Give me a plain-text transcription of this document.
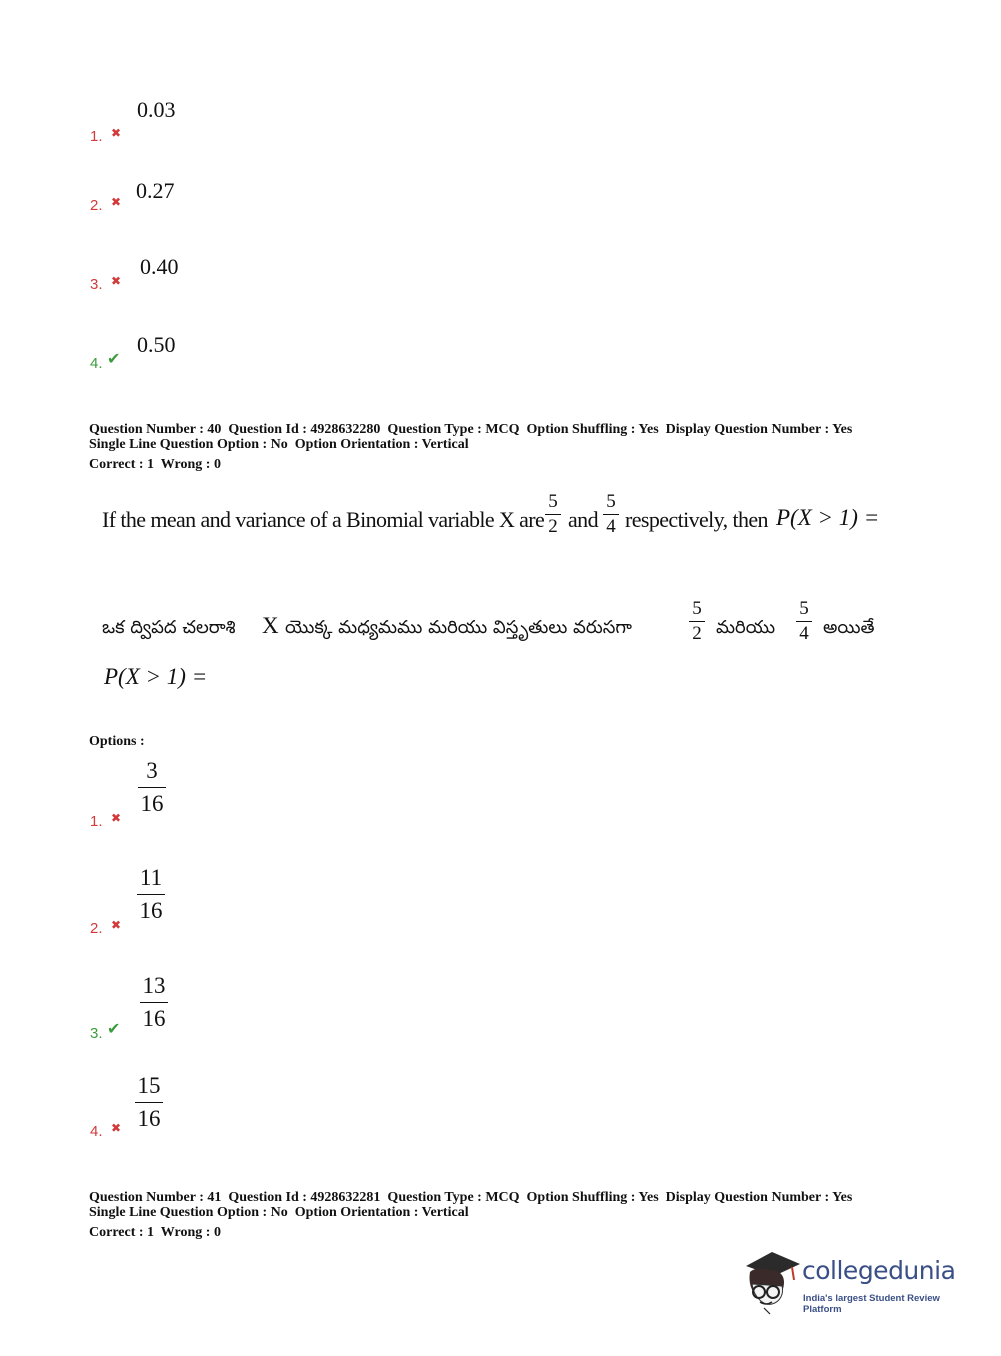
0.03
1. ✖
0.27
2. ✖
0.40
3. ✖
0.50
4. ✔
Question Number : 40  Question Id : 4928632280  Question Type : MCQ  Option Shuffling : Yes  Display Question Number : Yes
Single Line Question Option : No  Option Orientation : Vertical
Correct : 1  Wrong : 0
If the mean and variance of a Binomial variable X are
5
2 and
5
4 respectively, then P(X > 1) =
ఒక ద్విపద చలరాశి X యొక్క మధ్యమము మరియు విస్తృతులు వరుసగా
5
2 మరియు
5
4 అయితే
P(X > 1) =
Options :
3
16
1. ✖
11
16
2. ✖
13
16
3. ✔
15
16
4. ✖
Question Number : 41  Question Id : 4928632281  Question Type : MCQ  Option Shuffling : Yes  Display Question Number : Yes
Single Line Question Option : No  Option Orientation : Vertical
Correct : 1  Wrong : 0
collegedunia
India's largest Student Review Platform
